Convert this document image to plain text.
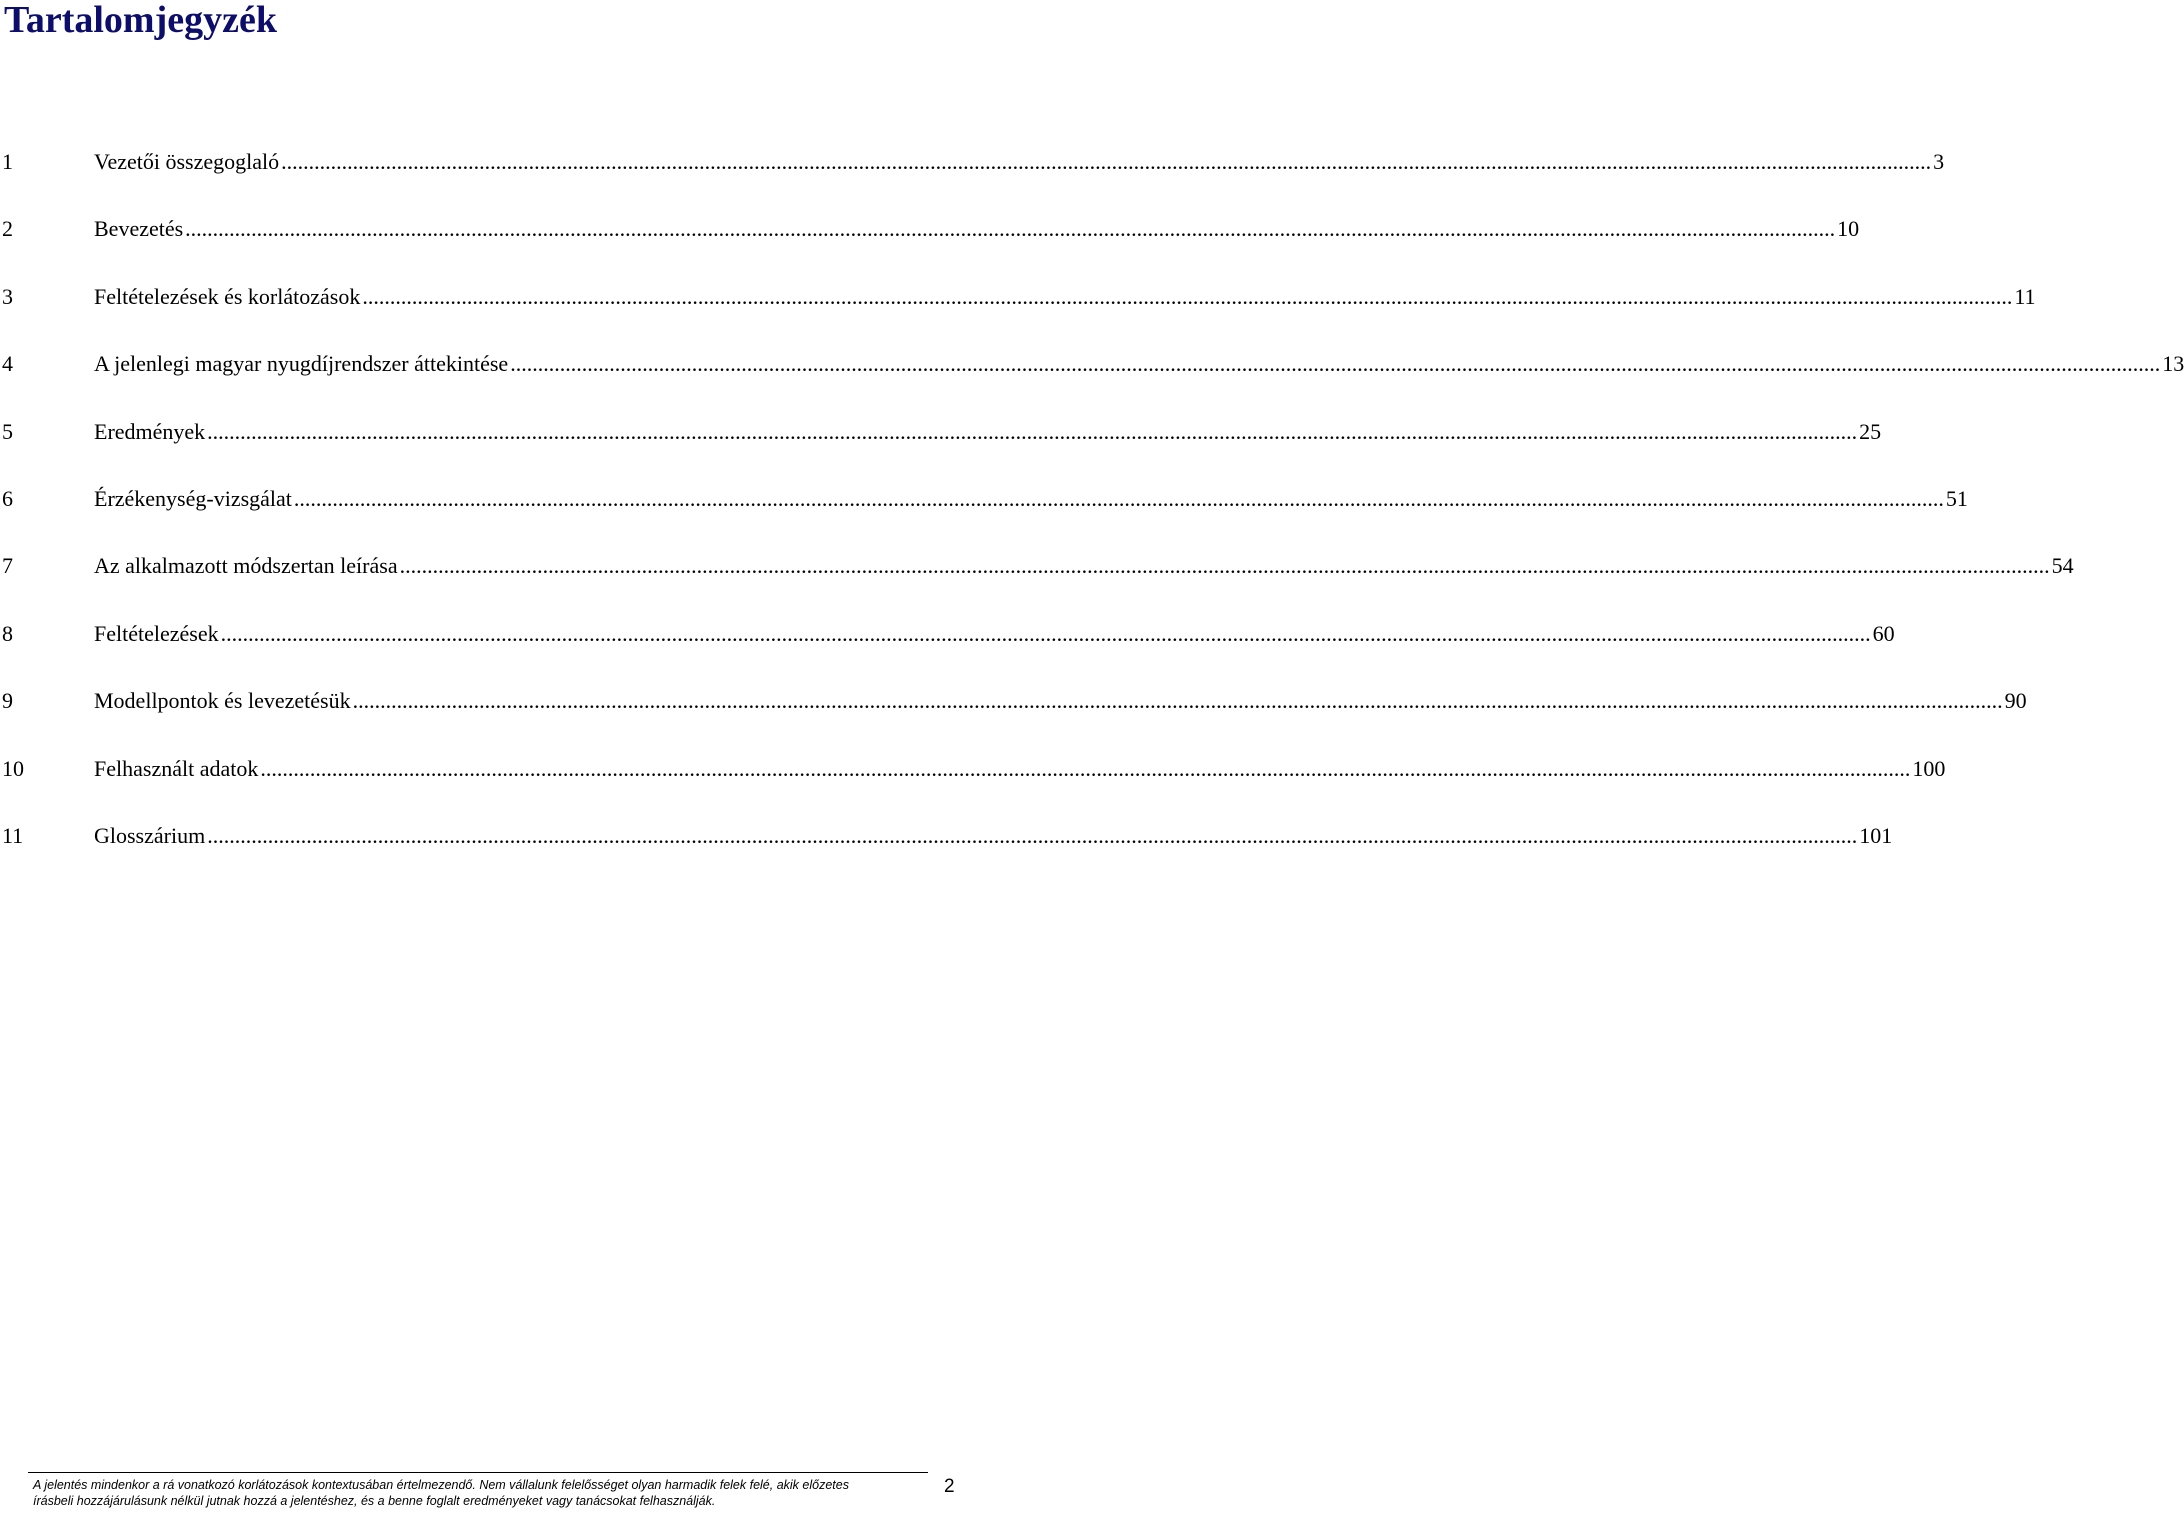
Tartalomjegyzék
1	Vezetői összegoglaló ............................................................................................................................................................................................................................................................................................................ 3
2	Bevezetés ............................................................................................................................................................................................................................................................................................................ 10
3	Feltételezések és korlátozások ............................................................................................................................................................................................................................................................................................................ 11
4	A jelenlegi magyar nyugdíjrendszer áttekintése ............................................................................................................................................................................................................................................................................................................ 13
5	Eredmények ............................................................................................................................................................................................................................................................................................................ 25
6	Érzékenység-vizsgálat ............................................................................................................................................................................................................................................................................................................ 51
7	Az alkalmazott módszertan leírása ............................................................................................................................................................................................................................................................................................................ 54
8	Feltételezések ............................................................................................................................................................................................................................................................................................................ 60
9	Modellpontok és levezetésük ............................................................................................................................................................................................................................................................................................................ 90
10	Felhasznált adatok ............................................................................................................................................................................................................................................................................................................ 100
11	Glosszárium ............................................................................................................................................................................................................................................................................................................ 101
A jelentés mindenkor a rá vonatkozó korlátozások kontextusában értelmezendő. Nem vállalunk felelősséget olyan harmadik felek felé, akik előzetes
írásbeli hozzájárulásunk nélkül jutnak hozzá a jelentéshez, és a benne foglalt eredményeket vagy tanácsokat felhasználják.
2
